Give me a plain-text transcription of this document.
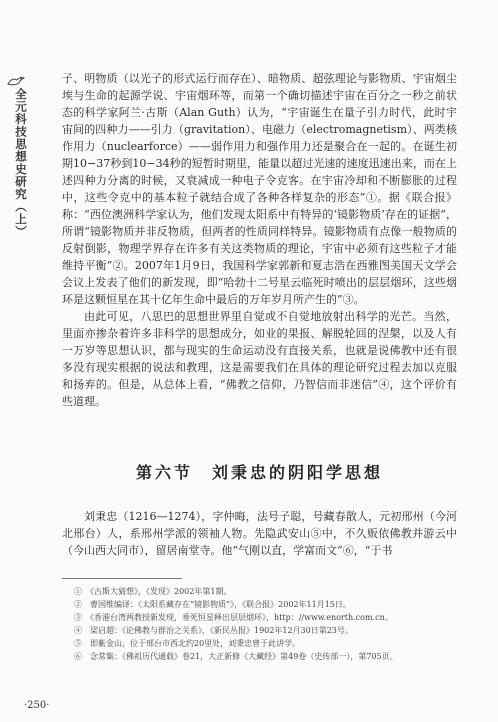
全元科技思想史研究（上）

子、明物质（以光子的形式运行而存在）、暗物质、超弦理论与影物质、宇宙烟尘埃与生命的起源学说、宇宙烟环等，而第一个确切描述宇宙在百分之一秒之前状态的科学家阿兰·古斯（Alan Guth）认为，“宇宙诞生在量子引力时代，此时宇宙间的四种力——引力（gravitation）、电磁力（electromagnetism）、两类核作用力（nuclearforce）——弱作用力和强作用力还是聚合在一起的。在诞生初期10−37秒到10−34秒的短暂时期里，能量以超过光速的速度迅速出来，而在上述四种力分离的时候，又衰减成一种电子令克客。在宇宙冷却和不断膨胀的过程中，这些令克中的基本粒子就结合成了各种各样复杂的形态”①。据《联合报》称：“西位澳洲科学家认为，他们发现太阳系中有特异的‘镜影物质’存在的证据”，所谓“镜影物质并非反物质，但两者的性质同样特异。镜影物质有点像一般物质的反射倒影，物理学界存在许多有关这类物质的理论，宇宙中必须有这些粒子才能维持平衡”②。2007年1月9日，我国科学家郭新和夏志浩在西雅图美国天文学会会议上发表了他们的新发现，即“哈勃十二号星云临死时喷出的层层烟环，这些烟环是这颗恒星在其十亿年生命中最后的万年岁月所产生的”③。

由此可见，八思巴的思想世界里自觉或不自觉地放射出科学的光芒。当然，里面亦掺杂着许多非科学的思想成分，如业的果报、解脱轮回的涅槃，以及人有一万岁等思想认识，都与现实的生命运动没有直接关系，也就是说佛教中还有很多没有现实根据的说法和教理，这是需要我们在具体的理论研究过程去加以克服和扬弃的。但是，从总体上看，“佛教之信仰，乃智信而非迷信”④，这个评价有些道理。

第六节　刘秉忠的阴阳学思想
刘秉忠（1216—1274），字仲晦，法号子聪，号藏春散人，元初邢州（今河北邢台）人，系邢州学派的领袖人物。先隐武安山⑤中，不久贩依佛教并游云中（今山西大同市），留居南堂寺。他“气刚以直，学富而文”⑥，“于书

①　《古斯大猜想》，《发现》2002年第1期。

②　曹国维编译：《太阳系藏存在“镜影物质”》，《联合报》2002年11月15日。

③　《香港台湾两教授新发现，垂死恒星释出层层烟环》，http：//www.enorth.com.cn。

④　梁启超：《论佛教与群治之关系》，《新民丛报》1902年12月30日第23号。

⑤　即紫金山，位于邢台市西北约20里处，刘秉忠曾于此讲学。

⑥　念常集：《佛祖历代通载》卷21，大正新修《大藏经》第49卷（史传部一），第705页。

·250·
